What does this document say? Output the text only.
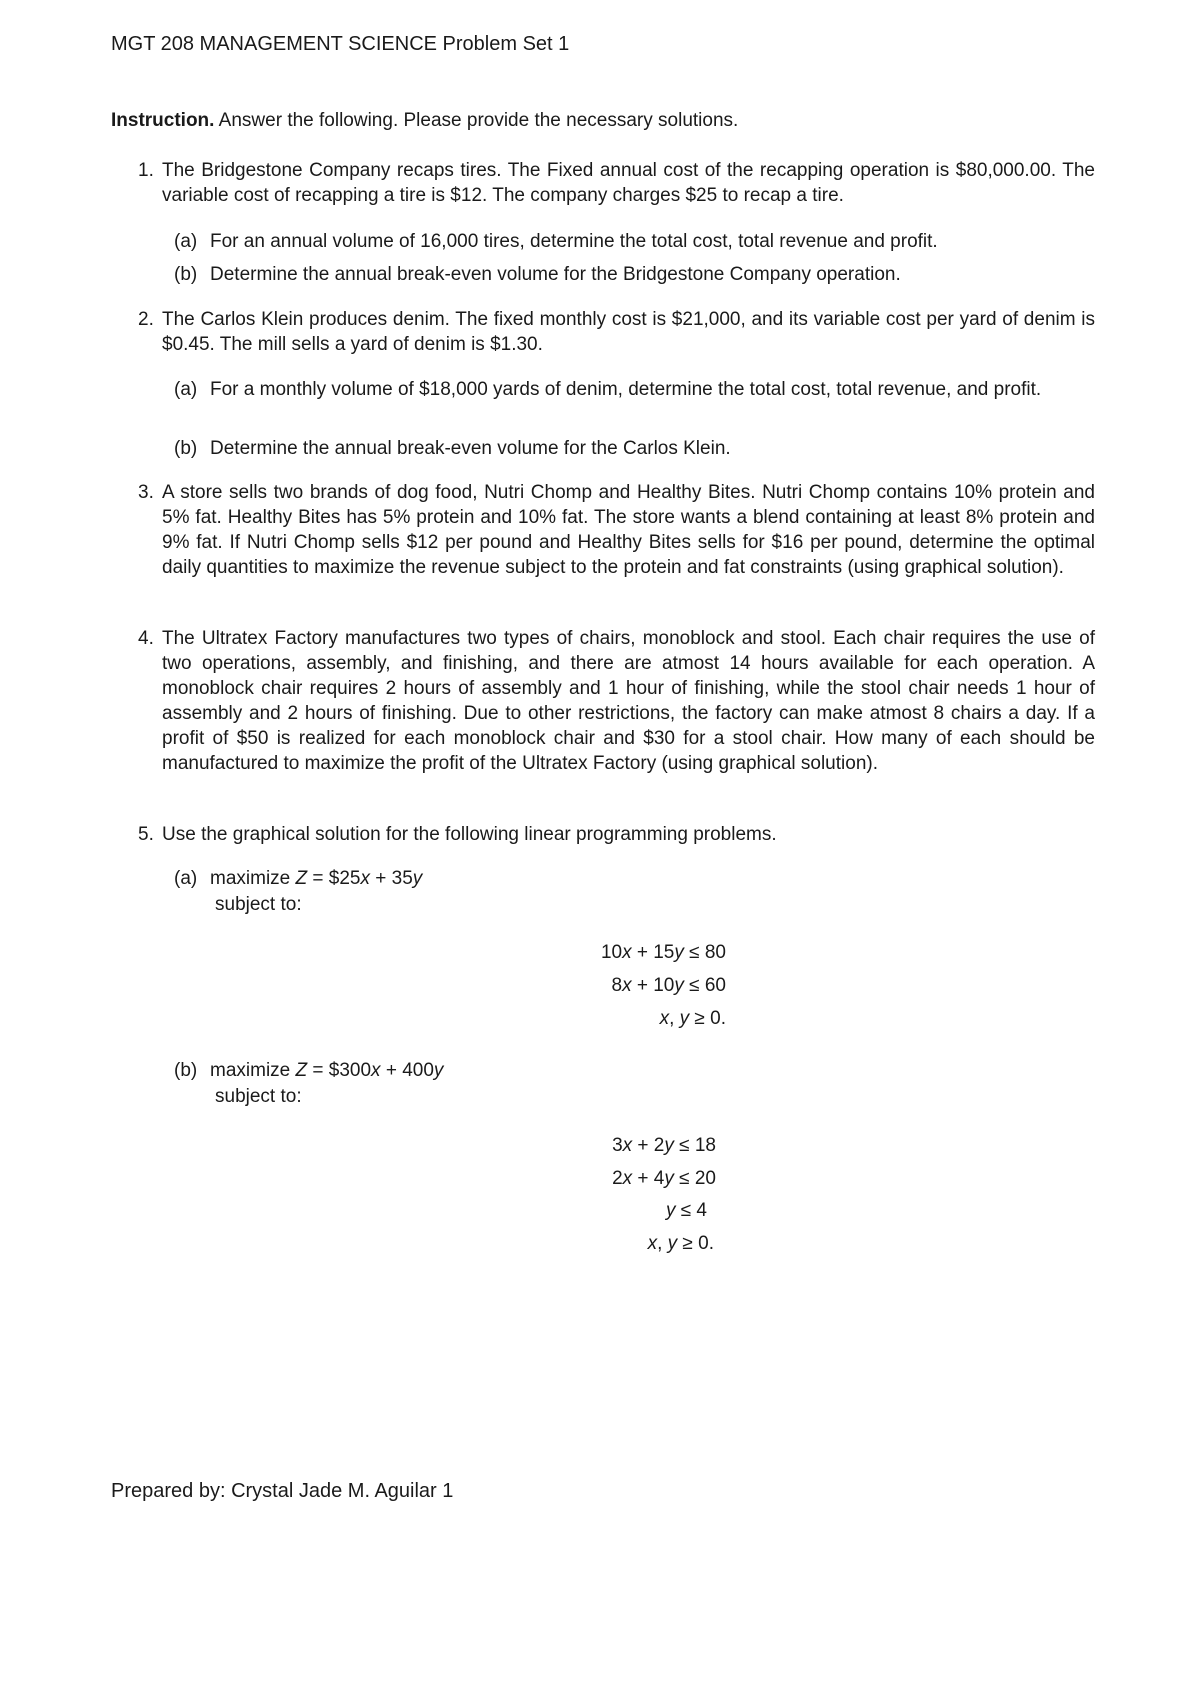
MGT 208 MANAGEMENT SCIENCE Problem Set 1
Instruction. Answer the following. Please provide the necessary solutions.
1. The Bridgestone Company recaps tires. The Fixed annual cost of the recapping operation is $80,000.00. The variable cost of recapping a tire is $12. The company charges $25 to recap a tire.
(a) For an annual volume of 16,000 tires, determine the total cost, total revenue and profit.
(b) Determine the annual break-even volume for the Bridgestone Company operation.
2. The Carlos Klein produces denim. The fixed monthly cost is $21,000, and its variable cost per yard of denim is $0.45. The mill sells a yard of denim is $1.30.
(a) For a monthly volume of $18,000 yards of denim, determine the total cost, total revenue, and profit.
(b) Determine the annual break-even volume for the Carlos Klein.
3. A store sells two brands of dog food, Nutri Chomp and Healthy Bites. Nutri Chomp contains 10% protein and 5% fat. Healthy Bites has 5% protein and 10% fat. The store wants a blend containing at least 8% protein and 9% fat. If Nutri Chomp sells $12 per pound and Healthy Bites sells for $16 per pound, determine the optimal daily quantities to maximize the revenue subject to the protein and fat constraints (using graphical solution).
4. The Ultratex Factory manufactures two types of chairs, monoblock and stool. Each chair requires the use of two operations, assembly, and finishing, and there are atmost 14 hours available for each operation. A monoblock chair requires 2 hours of assembly and 1 hour of finishing, while the stool chair needs 1 hour of assembly and 2 hours of finishing. Due to other restrictions, the factory can make atmost 8 chairs a day. If a profit of $50 is realized for each monoblock chair and $30 for a stool chair. How many of each should be manufactured to maximize the profit of the Ultratex Factory (using graphical solution).
5. Use the graphical solution for the following linear programming problems.
(a) maximize Z = $25x + 35y
subject to:
10x + 15y ≤ 80
8x + 10y ≤ 60
x, y ≥ 0.
(b) maximize Z = $300x + 400y
subject to:
3x + 2y ≤ 18
2x + 4y ≤ 20
y ≤ 4
x, y ≥ 0.
Prepared by: Crystal Jade M. Aguilar 1
